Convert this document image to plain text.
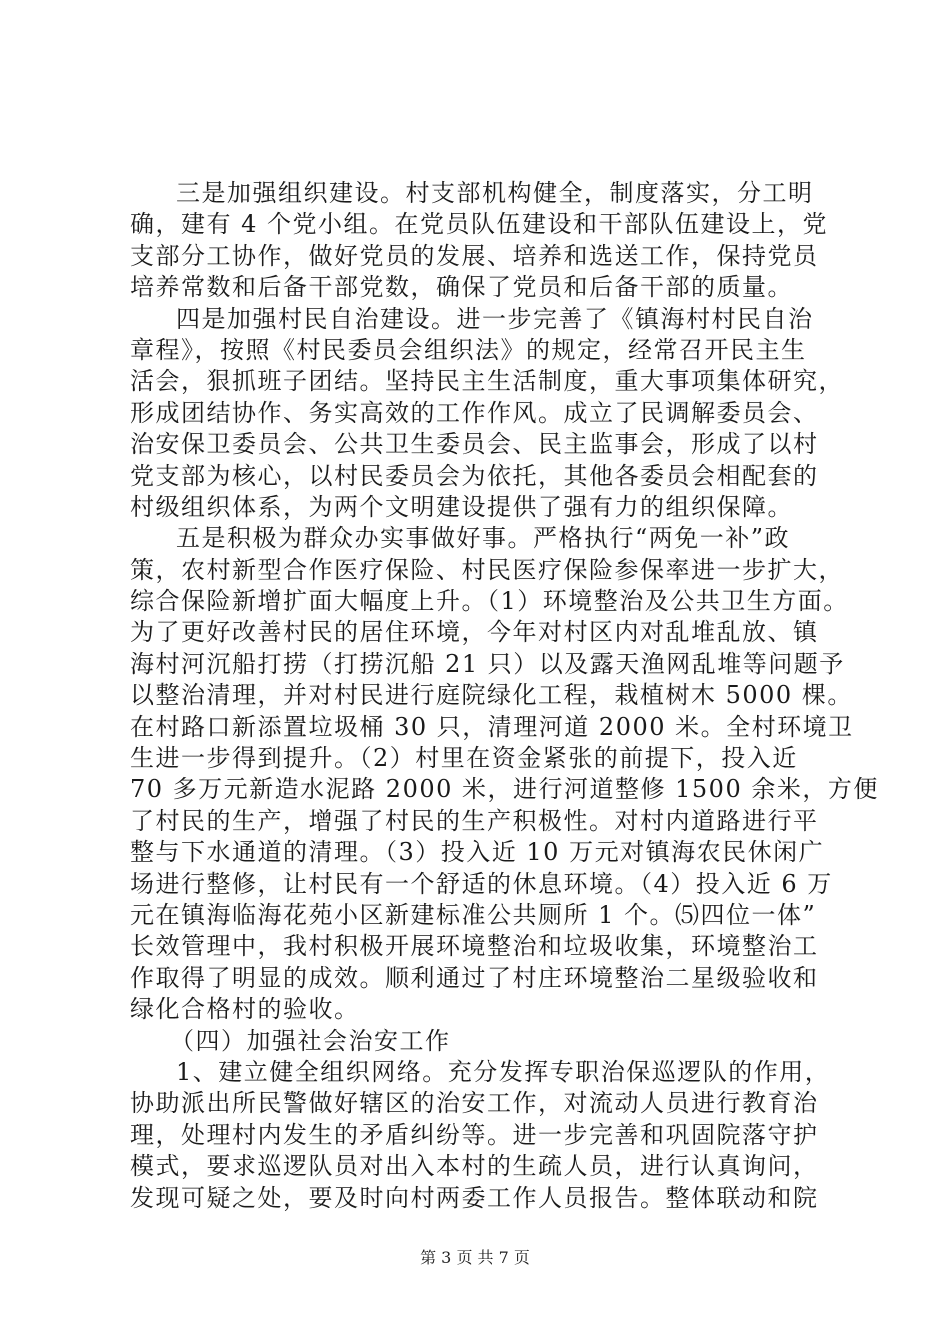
三是加强组织建设。村支部机构健全，制度落实，分工明
确，建有 4 个党小组。在党员队伍建设和干部队伍建设上，党
支部分工协作，做好党员的发展、培养和选送工作，保持党员
培养常数和后备干部党数，确保了党员和后备干部的质量。
四是加强村民自治建设。进一步完善了《镇海村村民自治
章程》，按照《村民委员会组织法》的规定，经常召开民主生
活会，狠抓班子团结。坚持民主生活制度，重大事项集体研究，
形成团结协作、务实高效的工作作风。成立了民调解委员会、
治安保卫委员会、公共卫生委员会、民主监事会，形成了以村
党支部为核心，以村民委员会为依托，其他各委员会相配套的
村级组织体系，为两个文明建设提供了强有力的组织保障。
五是积极为群众办实事做好事。严格执行“两免一补”政
策，农村新型合作医疗保险、村民医疗保险参保率进一步扩大，
综合保险新增扩面大幅度上升。（1）环境整治及公共卫生方面。
为了更好改善村民的居住环境，今年对村区内对乱堆乱放、镇
海村河沉船打捞（打捞沉船 21 只）以及露天渔网乱堆等问题予
以整治清理，并对村民进行庭院绿化工程，栽植树木 5000 棵。
在村路口新添置垃圾桶 30 只，清理河道 2000 米。全村环境卫
生进一步得到提升。（2）村里在资金紧张的前提下，投入近
70 多万元新造水泥路 2000 米，进行河道整修 1500 余米，方便
了村民的生产，增强了村民的生产积极性。对村内道路进行平
整与下水通道的清理。（3）投入近 10 万元对镇海农民休闲广
场进行整修，让村民有一个舒适的休息环境。（4）投入近 6 万
元在镇海临海花苑小区新建标准公共厕所 1 个。⑸四位一体”
长效管理中，我村积极开展环境整治和垃圾收集，环境整治工
作取得了明显的成效。顺利通过了村庄环境整治二星级验收和
绿化合格村的验收。
（四）加强社会治安工作
1、建立健全组织网络。充分发挥专职治保巡逻队的作用，
协助派出所民警做好辖区的治安工作，对流动人员进行教育治
理，处理村内发生的矛盾纠纷等。进一步完善和巩固院落守护
模式，要求巡逻队员对出入本村的生疏人员，进行认真询问，
发现可疑之处，要及时向村两委工作人员报告。整体联动和院
第 3 页 共 7 页
